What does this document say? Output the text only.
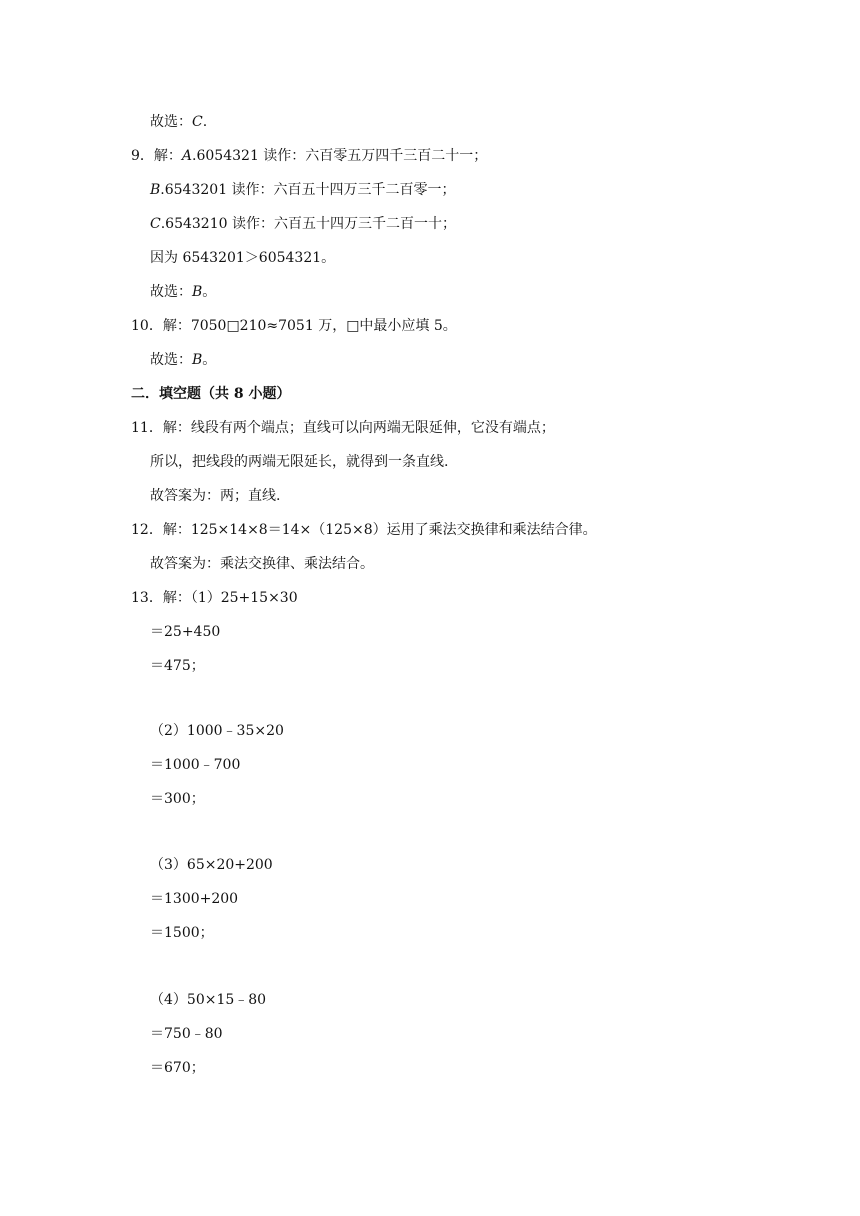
故选：C.
9．解：A.6054321 读作：六百零五万四千三百二十一；
B.6543201 读作：六百五十四万三千二百零一；
C.6543210 读作：六百五十四万三千二百一十；
因为 6543201＞6054321。
故选：B。
10．解：7050□210≈7051 万，□中最小应填 5。
故选：B。
二．填空题（共 8 小题）
11．解：线段有两个端点；直线可以向两端无限延伸，它没有端点；
所以，把线段的两端无限延长，就得到一条直线.
故答案为：两；直线.
12．解：125×14×8＝14×（125×8）运用了乘法交换律和乘法结合律。
故答案为：乘法交换律、乘法结合。
13．解：（1）25+15×30
＝25+450
＝475；
（2）1000﹣35×20
＝1000﹣700
＝300；
（3）65×20+200
＝1300+200
＝1500；
（4）50×15﹣80
＝750﹣80
＝670；
